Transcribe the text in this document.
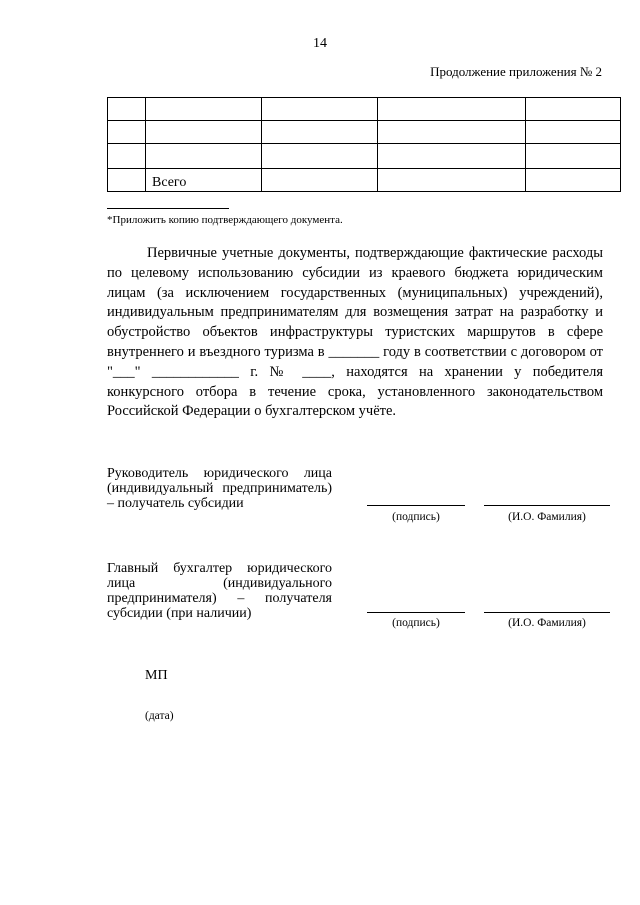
14
Продолжение приложения № 2

	Всего			
*Приложить копию подтверждающего документа.
Первичные учетные документы, подтверждающие фактические расходы по целевому использованию субсидии из краевого бюджета юридическим лицам (за исключением государственных (муниципальных) учреждений), индивидуальным предпринимателям для возмещения затрат на разработку и обустройство объектов инфраструктуры туристских маршрутов в сфере внутреннего и въездного туризма в _______ году в соответствии с договором от "___" ____________ г. № ____, находятся на хранении у победителя конкурсного отбора в течение срока, установленного законодательством Российской Федерации о бухгалтерском учёте.
Руководитель юридического лица (индивидуальный предприниматель) – получатель субсидии
(подпись)	(И.О. Фамилия)
Главный бухгалтер юридического лица (индивидуального предпринимателя) – получателя субсидии (при наличии)
(подпись)	(И.О. Фамилия)
МП
(дата)
